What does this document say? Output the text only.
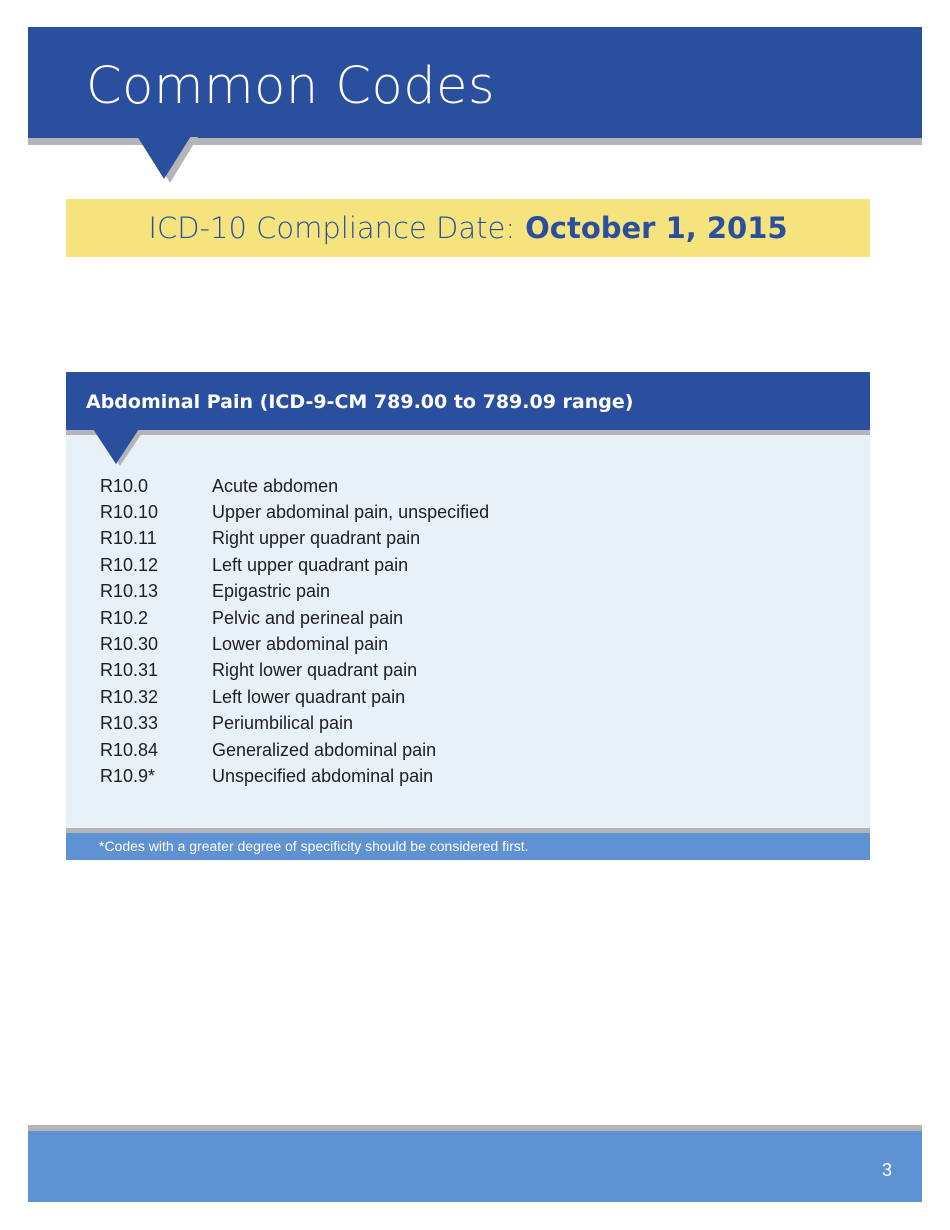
Common Codes
ICD-10 Compliance Date: October 1, 2015
Abdominal Pain (ICD-9-CM 789.00 to 789.09 range)
R10.0	Acute abdomen
R10.10	Upper abdominal pain, unspecified
R10.11	Right upper quadrant pain
R10.12	Left upper quadrant pain
R10.13	Epigastric pain
R10.2	Pelvic and perineal pain
R10.30	Lower abdominal pain
R10.31	Right lower quadrant pain
R10.32	Left lower quadrant pain
R10.33	Periumbilical pain
R10.84	Generalized abdominal pain
R10.9*	Unspecified abdominal pain
*Codes with a greater degree of specificity should be considered first.
3
